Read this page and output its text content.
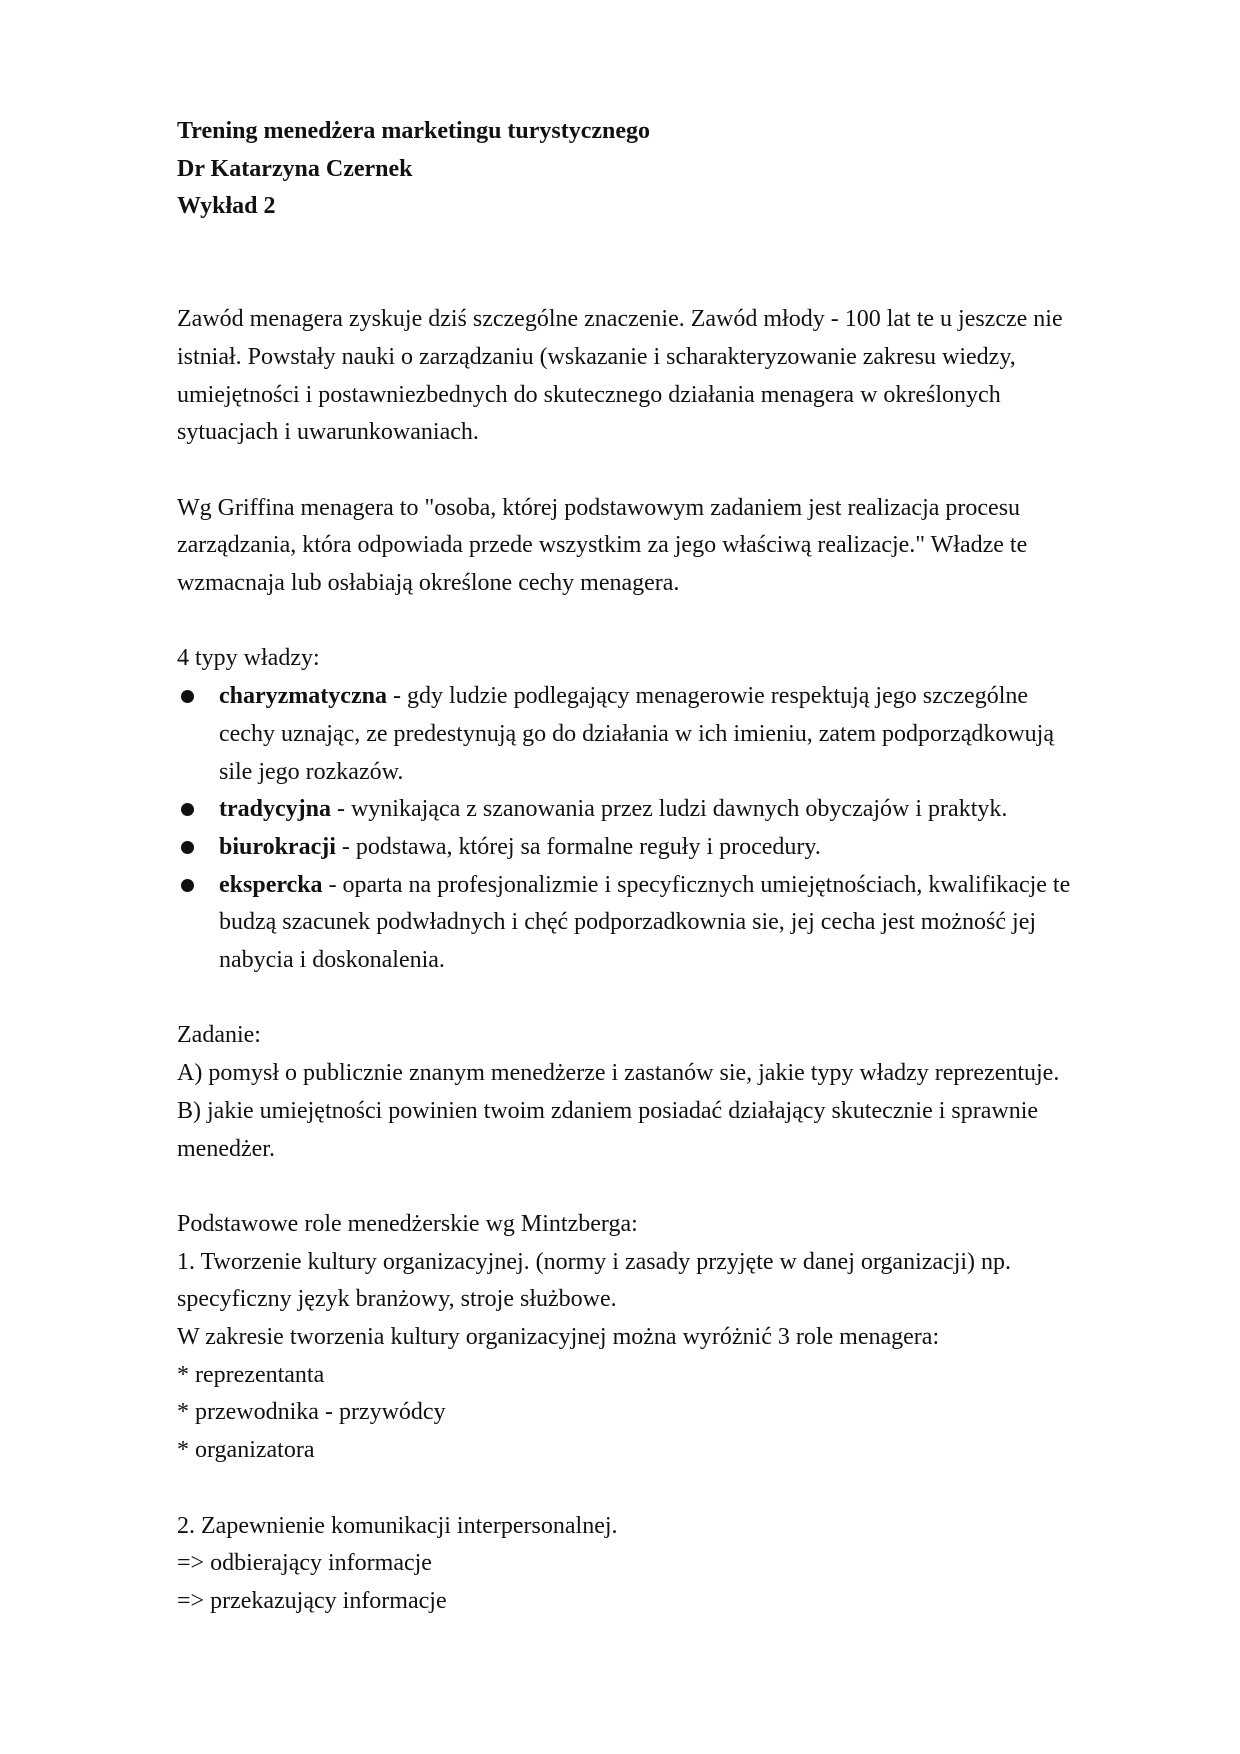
Trening menedżera marketingu turystycznego

Dr Katarzyna Czernek

Wykład 2

Zawód menagera zyskuje dziś szczególne znaczenie. Zawód młody - 100 lat te u jeszcze nie istniał. Powstały nauki o zarządzaniu (wskazanie i scharakteryzowanie zakresu wiedzy, umiejętności i postawniezbednych do skutecznego działania menagera w określonych sytuacjach i uwarunkowaniach.

Wg Griffina menagera to "osoba, której podstawowym zadaniem jest realizacja procesu zarządzania, która odpowiada przede wszystkim za jego właściwą realizacje." Władze te wzmacnaja lub osłabiają określone cechy menagera.

4 typy władzy:

charyzmatyczna - gdy ludzie podlegający menagerowie respektują jego szczególne cechy uznając, ze predestynują go do działania w ich imieniu, zatem podporządkowują sile jego rozkazów.
tradycyjna - wynikająca z szanowania przez ludzi dawnych obyczajów i praktyk.
biurokracji - podstawa, której sa formalne reguły i procedury.
ekspercka - oparta na profesjonalizmie i specyficznych umiejętnościach, kwalifikacje te budzą szacunek podwładnych i chęć podporzadkownia sie, jej cecha jest możność jej nabycia i doskonalenia.

Zadanie:

A) pomysł o publicznie znanym menedżerze i zastanów sie, jakie typy władzy reprezentuje.

B) jakie umiejętności powinien twoim zdaniem posiadać działający skutecznie i sprawnie menedżer.

Podstawowe role menedżerskie wg Mintzberga:

1. Tworzenie kultury organizacyjnej. (normy i zasady przyjęte w danej organizacji) np. specyficzny język branżowy, stroje służbowe.

W zakresie tworzenia kultury organizacyjnej można wyróżnić 3 role menagera:

* reprezentanta

* przewodnika - przywódcy

* organizatora

2. Zapewnienie komunikacji interpersonalnej.

=> odbierający informacje

=> przekazujący informacje
